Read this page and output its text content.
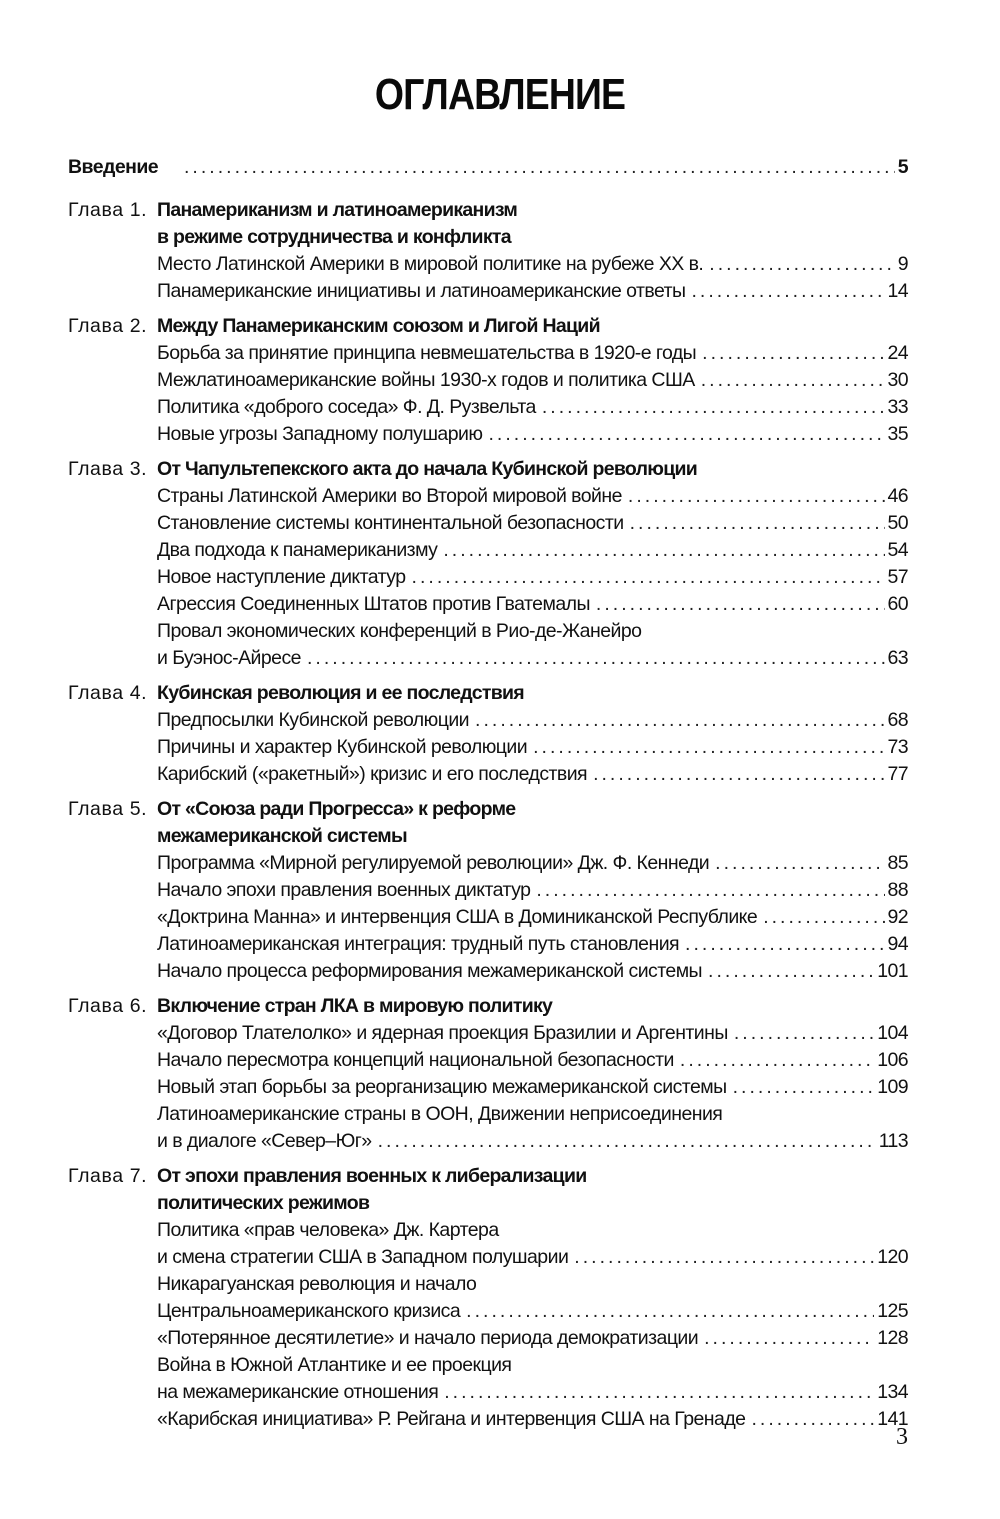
ОГЛАВЛЕНИЕ
Введение . . .	5
Глава 1. Панамериканизм и латиноамериканизм
в режиме сотрудничества и конфликта
Место Латинской Америки в мировой политике на рубеже XX в. . . .	9
Панамериканские инициативы и латиноамериканские ответы . . .	14
Глава 2. Между Панамериканским союзом и Лигой Наций
Борьба за принятие принципа невмешательства в 1920-е годы . . .	24
Межлатиноамериканские войны 1930-х годов и политика США . . .	30
Политика «доброго соседа» Ф. Д. Рузвельта . . .	33
Новые угрозы Западному полушарию . . .	35
Глава 3. От Чапультепекского акта до начала Кубинской революции
Страны Латинской Америки во Второй мировой войне . . .	46
Становление системы континентальной безопасности . . .	50
Два подхода к панамериканизму . . .	54
Новое наступление диктатур . . .	57
Агрессия Соединенных Штатов против Гватемалы . . .	60
Провал экономических конференций в Рио-де-Жанейро
и Буэнос-Айресе . . .	63
Глава 4. Кубинская революция и ее последствия
Предпосылки Кубинской революции . . .	68
Причины и характер Кубинской революции . . .	73
Карибский («ракетный») кризис и его последствия . . .	77
Глава 5. От «Союза ради Прогресса» к реформе
межамериканской системы
Программа «Мирной регулируемой революции» Дж. Ф. Кеннеди . . .	85
Начало эпохи правления военных диктатур . . .	88
«Доктрина Манна» и интервенция США в Доминиканской Республике . . .	92
Латиноамериканская интеграция: трудный путь становления . . .	94
Начало процесса реформирования межамериканской системы . . .	101
Глава 6. Включение стран ЛКА в мировую политику
«Договор Тлателолко» и ядерная проекция Бразилии и Аргентины . . .	104
Начало пересмотра концепций национальной безопасности . . .	106
Новый этап борьбы за реорганизацию межамериканской системы . . .	109
Латиноамериканские страны в ООН, Движении неприсоединения
и в диалоге «Север–Юг» . . .	113
Глава 7. От эпохи правления военных к либерализации
политических режимов
Политика «прав человека» Дж. Картера
и смена стратегии США в Западном полушарии . . .	120
Никарагуанская революция и начало
Центральноамериканского кризиса . . .	125
«Потерянное десятилетие» и начало периода демократизации . . .	128
Война в Южной Атлантике и ее проекция
на межамериканские отношения . . .	134
«Карибская инициатива» Р. Рейгана и интервенция США на Гренаде . . .	141
3
